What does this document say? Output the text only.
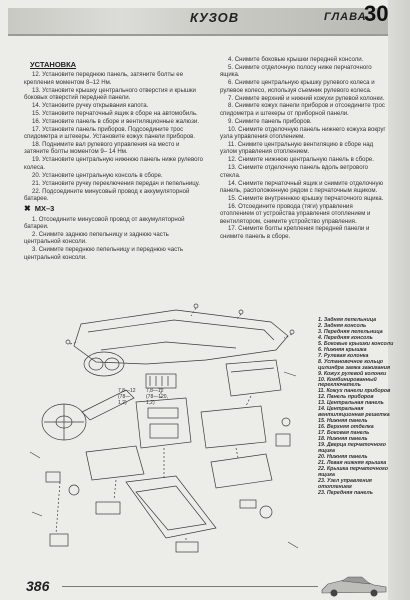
КУЗОВ	ГЛАВА
30
УСТАНОВКА

12. Установите переднюю панель, затяните болты ее крепления моментом 8–12 Нм.

13. Установите крышку центрального отверстия и крышки боковых отверстий передней панели.

14. Установите ручку открывания капота.

15. Установите перчаточный ящик в сборе на автомобиль.

16. Установите панель в сборе и вентиляционные жалюзи.

17. Установите панель приборов. Подсоедините трос спидометра и штекеры. Установите кожух панели приборов.

18. Поднимите вал рулевого управления на место и затяните болты моментом 9– 14 Нм.

19. Установите центральную нижнюю панель ниже рулевого колеса.

20. Установите центральную консоль в сборе.

21. Установите ручку переключения передач и пепельницу.

22. Подсоедините минусовый провод к аккумуляторной батарее.

✖ MX–3

1. Отсоедините минусовой провод от аккумуляторной батареи.

2. Снимите заднюю пепельницу и заднюю часть центральной консоли.

3. Снимите переднюю пепельницу и переднюю часть центральной консоли.

4. Снимите боковые крышки передней консоли.

5. Снимите отделочную полосу ниже перчаточного ящика.

6. Снимите центральную крышку рулевого колеса и рулевое колесо, используя съемник рулевого колеса.

7. Снимите верхний и нижний кожухи рулевой колонки.

8. Снимите кожух панели приборов и отсоедините трос спидометра и штекеры от приборной панели.

9. Снимите панель приборов.

10. Снимите отделочную панель нижнего кожуха вокруг узла управления отоплением.

11. Снимите центральную вентиляцию в сборе над узлом управления отоплением.

12. Снимите нижнюю центральную панель в сборе.

13. Снимите отделочную панель вдоль ветрового стекла.

14. Снимите перчаточный ящик и снимите отделочную панель, расположенную рядом с перчаточным ящиком.

15. Снимите внутреннюю крышку перчаточного ящика.

16. Отсоедините провода (тяги) управления отоплением от устройства управления отоплением и вентилятором, снимите устройство управления.

17. Снимите болты крепления передней панели и снимите панель в сборе.

7,8—12
(78—
1,2)
7,8—12
(78—120,
1,2)
1. Задняя пепельница
2. Задняя консоль
3. Передняя пепельница
4. Передняя консоль
5. Боковые крышки консоли
6. Нижняя крышка
7. Рулевая колонка
8. Установочное кольцо цилиндра замка зажигания
9. Кожух рулевой колонки
10. Комбинированный переключатель
11. Кожух панели приборов
12. Панель приборов
13. Центральная панель
14. Центральная вентиляционная решетка
15. Нижняя панель
16. Верхняя отделка
17. Боковая панель
18. Нижняя панель
19. Дверца перчаточного ящика
20. Нижняя панель
21. Левая нижняя крышка
22. Крышка перчаточного ящика
23. Узел управления отоплением
23. Передняя панель
386
